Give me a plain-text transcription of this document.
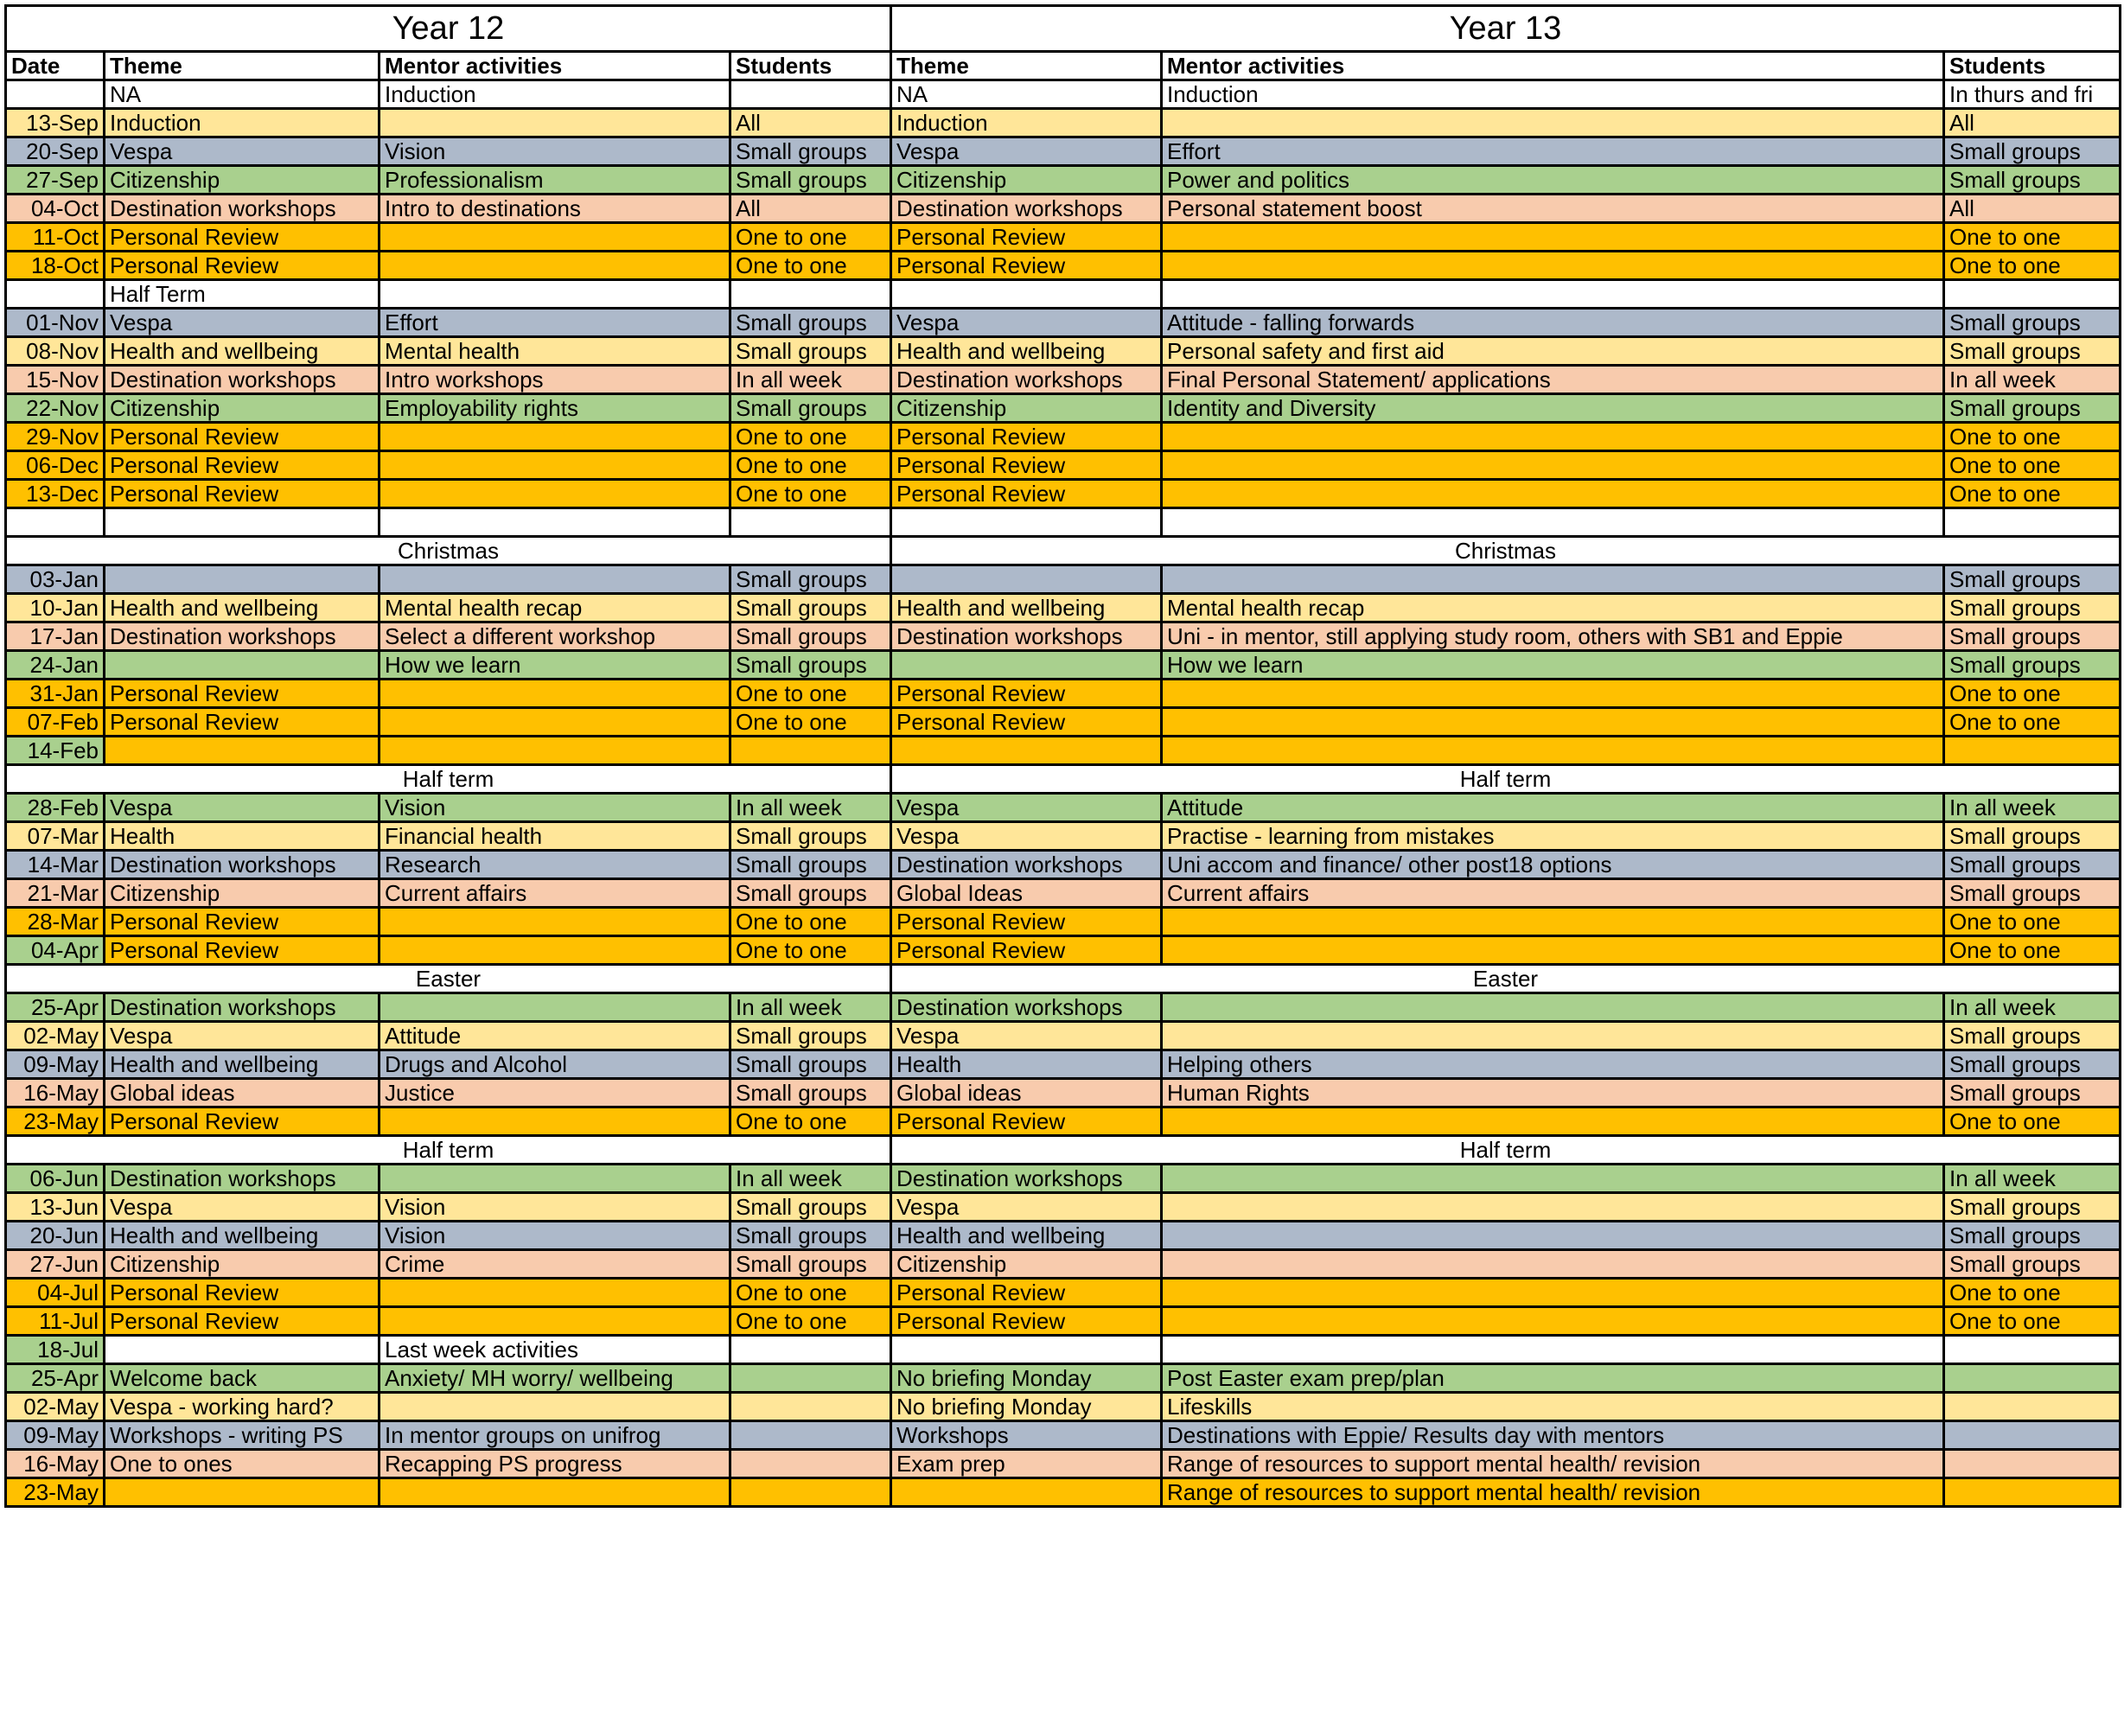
Year 12				Year 13		
Date	Theme	Mentor activities	Students	Theme	Mentor activities	Students
	NA	Induction		NA	Induction	In thurs and fri
13-Sep	Induction		All	Induction		All
20-Sep	Vespa	Vision	Small groups	Vespa	Effort	Small groups
27-Sep	Citizenship	Professionalism	Small groups	Citizenship	Power and politics	Small groups
04-Oct	Destination workshops	Intro to destinations	All	Destination workshops	Personal statement boost	All
11-Oct	Personal Review		One to one	Personal Review		One to one
18-Oct	Personal Review		One to one	Personal Review		One to one
	Half Term					
01-Nov	Vespa	Effort	Small groups	Vespa	Attitude - falling forwards	Small groups
08-Nov	Health and wellbeing	Mental health	Small groups	Health and wellbeing	Personal safety and first aid	Small groups
15-Nov	Destination workshops	Intro workshops	In all week	Destination workshops	Final Personal Statement/ applications	In all week
22-Nov	Citizenship	Employability rights	Small groups	Citizenship	Identity and Diversity	Small groups
29-Nov	Personal Review		One to one	Personal Review		One to one
06-Dec	Personal Review		One to one	Personal Review		One to one
13-Dec	Personal Review		One to one	Personal Review		One to one

Christmas				Christmas		
03-Jan			Small groups			Small groups
10-Jan	Health and wellbeing	Mental health recap	Small groups	Health and wellbeing	Mental health recap	Small groups
17-Jan	Destination workshops	Select a different workshop	Small groups	Destination workshops	Uni - in mentor, still applying study room, others with SB1 and Eppie	Small groups
24-Jan		How we learn	Small groups		How we learn	Small groups
31-Jan	Personal Review		One to one	Personal Review		One to one
07-Feb	Personal Review		One to one	Personal Review		One to one
14-Feb						
Half term				Half term		
28-Feb	Vespa	Vision	In all week	Vespa	Attitude	In all week
07-Mar	Health	Financial health	Small groups	Vespa	Practise - learning from mistakes	Small groups
14-Mar	Destination workshops	Research	Small groups	Destination workshops	Uni accom and finance/ other post18 options	Small groups
21-Mar	Citizenship	Current affairs	Small groups	Global Ideas	Current affairs	Small groups
28-Mar	Personal Review		One to one	Personal Review		One to one
04-Apr	Personal Review		One to one	Personal Review		One to one
Easter				Easter		
25-Apr	Destination workshops		In all week	Destination workshops		In all week
02-May	Vespa	Attitude	Small groups	Vespa		Small groups
09-May	Health and wellbeing	Drugs and Alcohol	Small groups	Health	Helping others	Small groups
16-May	Global ideas	Justice	Small groups	Global ideas	Human Rights	Small groups
23-May	Personal Review		One to one	Personal Review		One to one
Half term				Half term		
06-Jun	Destination workshops		In all week	Destination workshops		In all week
13-Jun	Vespa	Vision	Small groups	Vespa		Small groups
20-Jun	Health and wellbeing	Vision	Small groups	Health and wellbeing		Small groups
27-Jun	Citizenship	Crime	Small groups	Citizenship		Small groups
04-Jul	Personal Review		One to one	Personal Review		One to one
11-Jul	Personal Review		One to one	Personal Review		One to one
18-Jul		Last week activities				
25-Apr	Welcome back	Anxiety/ MH worry/ wellbeing		No briefing Monday	Post Easter exam prep/plan	
02-May	Vespa - working hard?			No briefing Monday	Lifeskills	
09-May	Workshops - writing PS	In mentor groups on unifrog		Workshops	Destinations with Eppie/ Results day with mentors	
16-May	One to ones	Recapping PS progress		Exam prep	Range of resources to support mental health/ revision	
23-May					Range of resources to support mental health/ revision	
